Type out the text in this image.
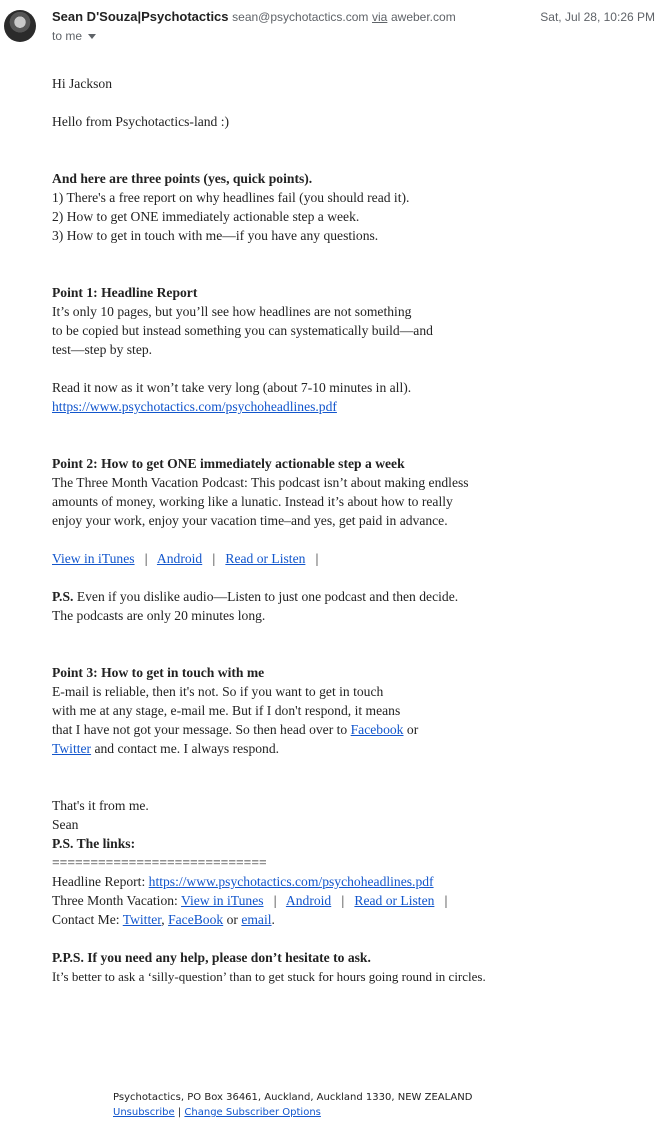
Sean D'Souza|Psychotactics sean@psychotactics.com via aweber.com	Sat, Jul 28, 10:26 PM
to me

Hi Jackson

Hello from Psychotactics-land :)

And here are three points (yes, quick points).

1) There's a free report on why headlines fail (you should read it).

2) How to get ONE immediately actionable step a week.

3) How to get in touch with me—if you have any questions.

Point 1: Headline Report

It’s only 10 pages, but you’ll see how headlines are not something

to be copied but instead something you can systematically build—and

test—step by step.

Read it now as it won’t take very long (about 7-10 minutes in all).

https://www.psychotactics.com/psychoheadlines.pdf

Point 2: How to get ONE immediately actionable step a week

The Three Month Vacation Podcast: This podcast isn’t about making endless

amounts of money, working like a lunatic. Instead it’s about how to really

enjoy your work, enjoy your vacation time–and yes, get paid in advance.

View in iTunes | Android | Read or Listen |

P.S. Even if you dislike audio—Listen to just one podcast and then decide.

The podcasts are only 20 minutes long.

Point 3: How to get in touch with me

E-mail is reliable, then it's not. So if you want to get in touch

with me at any stage, e-mail me. But if I don't respond, it means

that I have not got your message. So then head over to Facebook or

Twitter and contact me. I always respond.

That's it from me.

Sean

P.S. The links:

============================

Headline Report: https://www.psychotactics.com/psychoheadlines.pdf

Three Month Vacation: View in iTunes | Android | Read or Listen |

Contact Me: Twitter, FaceBook or email.

P.P.S. If you need any help, please don’t hesitate to ask.

It’s better to ask a ‘silly-question’ than to get stuck for hours going round in circles.

Psychotactics, PO Box 36461, Auckland, Auckland 1330, NEW ZEALAND

Unsubscribe | Change Subscriber Options
